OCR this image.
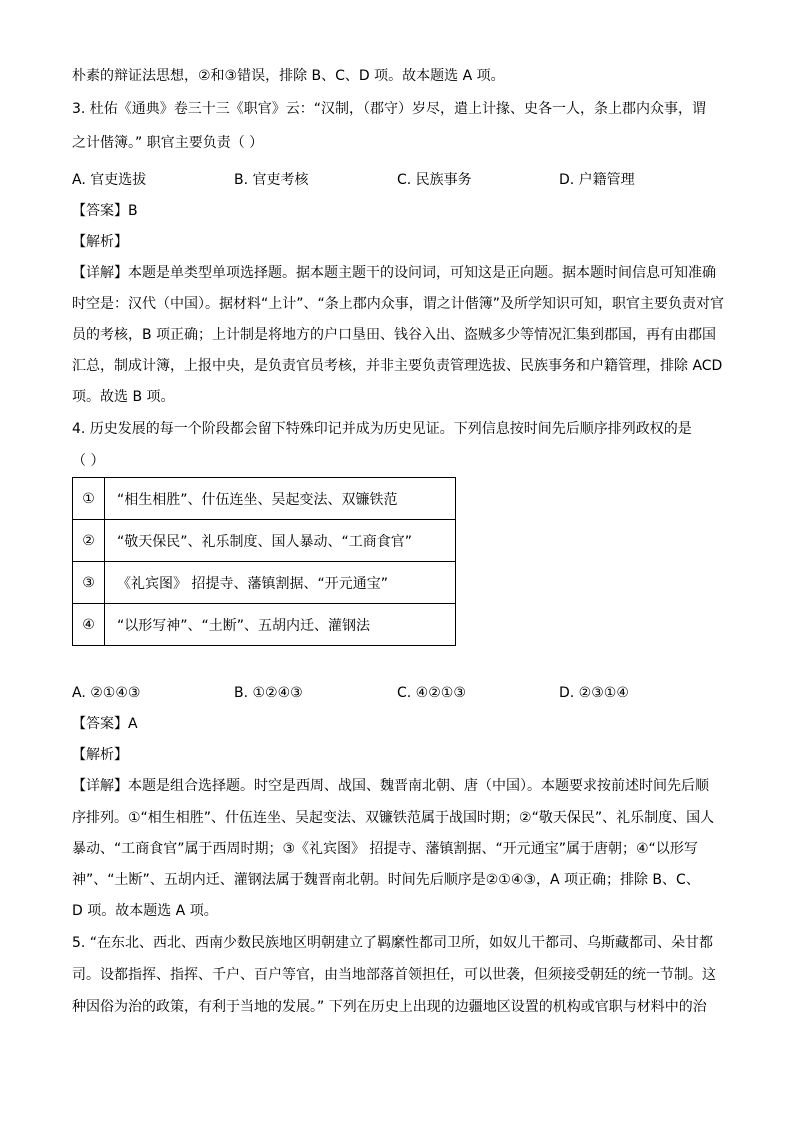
朴素的辩证法思想，②和③错误，排除 B、C、D 项。故本题选 A 项。
3. 杜佑《通典》卷三十三《职官》云：“汉制，（郡守）岁尽，遣上计掾、史各一人，条上郡内众事，谓
之计偕簿。” 职官主要负责（ ）
A. 官吏选拔	B. 官吏考核	C. 民族事务	D. 户籍管理
【答案】B
【解析】
【详解】本题是单类型单项选择题。据本题主题干的设问词，可知这是正向题。据本题时间信息可知准确
时空是：汉代（中国）。据材料“上计”、“条上郡内众事，谓之计偕簿”及所学知识可知，职官主要负责对官
员的考核，B 项正确；上计制是将地方的户口垦田、钱谷入出、盗贼多少等情况汇集到郡国，再有由郡国
汇总，制成计簿，上报中央，是负责官员考核，并非主要负责管理选拔、民族事务和户籍管理，排除 ACD
项。故选 B 项。
4. 历史发展的每一个阶段都会留下特殊印记并成为历史见证。下列信息按时间先后顺序排列政权的是
（ ）
①	“相生相胜”、什伍连坐、吴起变法、双镰铁范
②	“敬天保民”、礼乐制度、国人暴动、“工商食官”
③	《礼宾图》 招提寺、藩镇割据、“开元通宝”
④	“以形写神”、“土断”、五胡内迁、灌钢法
A. ②①④③	B. ①②④③	C. ④②①③	D. ②③①④
【答案】A
【解析】
【详解】本题是组合选择题。时空是西周、战国、魏晋南北朝、唐（中国）。本题要求按前述时间先后顺
序排列。①“相生相胜”、什伍连坐、吴起变法、双镰铁范属于战国时期；②“敬天保民”、礼乐制度、国人
暴动、“工商食官”属于西周时期；③《礼宾图》 招提寺、藩镇割据、“开元通宝”属于唐朝；④“以形写
神”、“土断”、五胡内迁、灌钢法属于魏晋南北朝。时间先后顺序是②①④③，A 项正确；排除 B、C、
D 项。故本题选 A 项。
5. “在东北、西北、西南少数民族地区明朝建立了羁縻性都司卫所，如奴儿干都司、乌斯藏都司、朵甘都
司。设都指挥、指挥、千户、百户等官，由当地部落首领担任，可以世袭，但须接受朝廷的统一节制。这
种因俗为治的政策，有利于当地的发展。” 下列在历史上出现的边疆地区设置的机构或官职与材料中的治
